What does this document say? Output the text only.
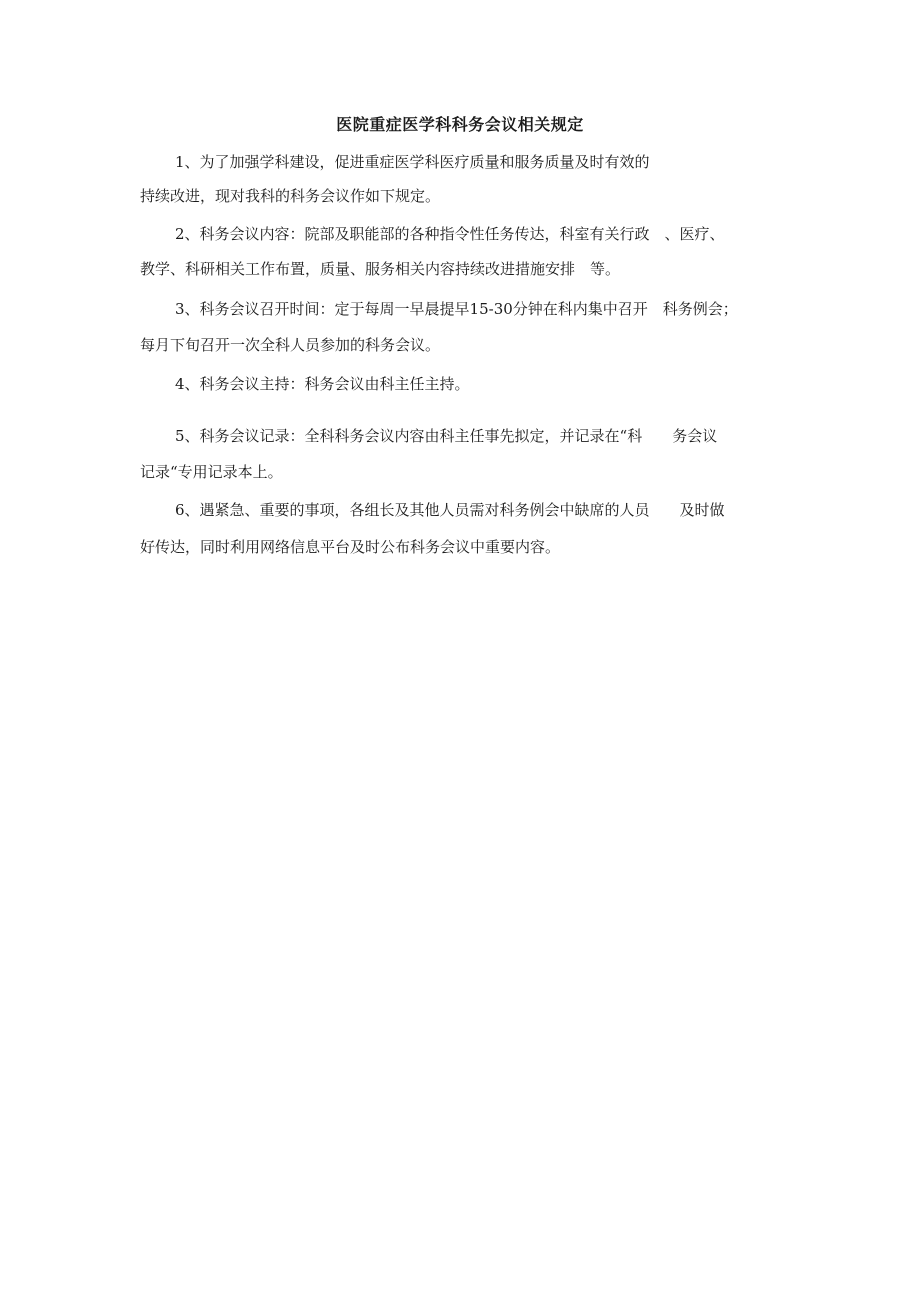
医院重症医学科科务会议相关规定
1、为了加强学科建设，促进重症医学科医疗质量和服务质量及时有效的
持续改进，现对我科的科务会议作如下规定。
2、科务会议内容：院部及职能部的各种指令性任务传达，科室有关行政　、医疗、
教学、科研相关工作布置，质量、服务相关内容持续改进措施安排　等。
3、科务会议召开时间：定于每周一早晨提早15-30分钟在科内集中召开　科务例会；
每月下旬召开一次全科人员参加的科务会议。
4、科务会议主持：科务会议由科主任主持。
5、科务会议记录：全科科务会议内容由科主任事先拟定，并记录在“科　　务会议
记录“专用记录本上。
6、遇紧急、重要的事项，各组长及其他人员需对科务例会中缺席的人员　　及时做
好传达，同时利用网络信息平台及时公布科务会议中重要内容。
